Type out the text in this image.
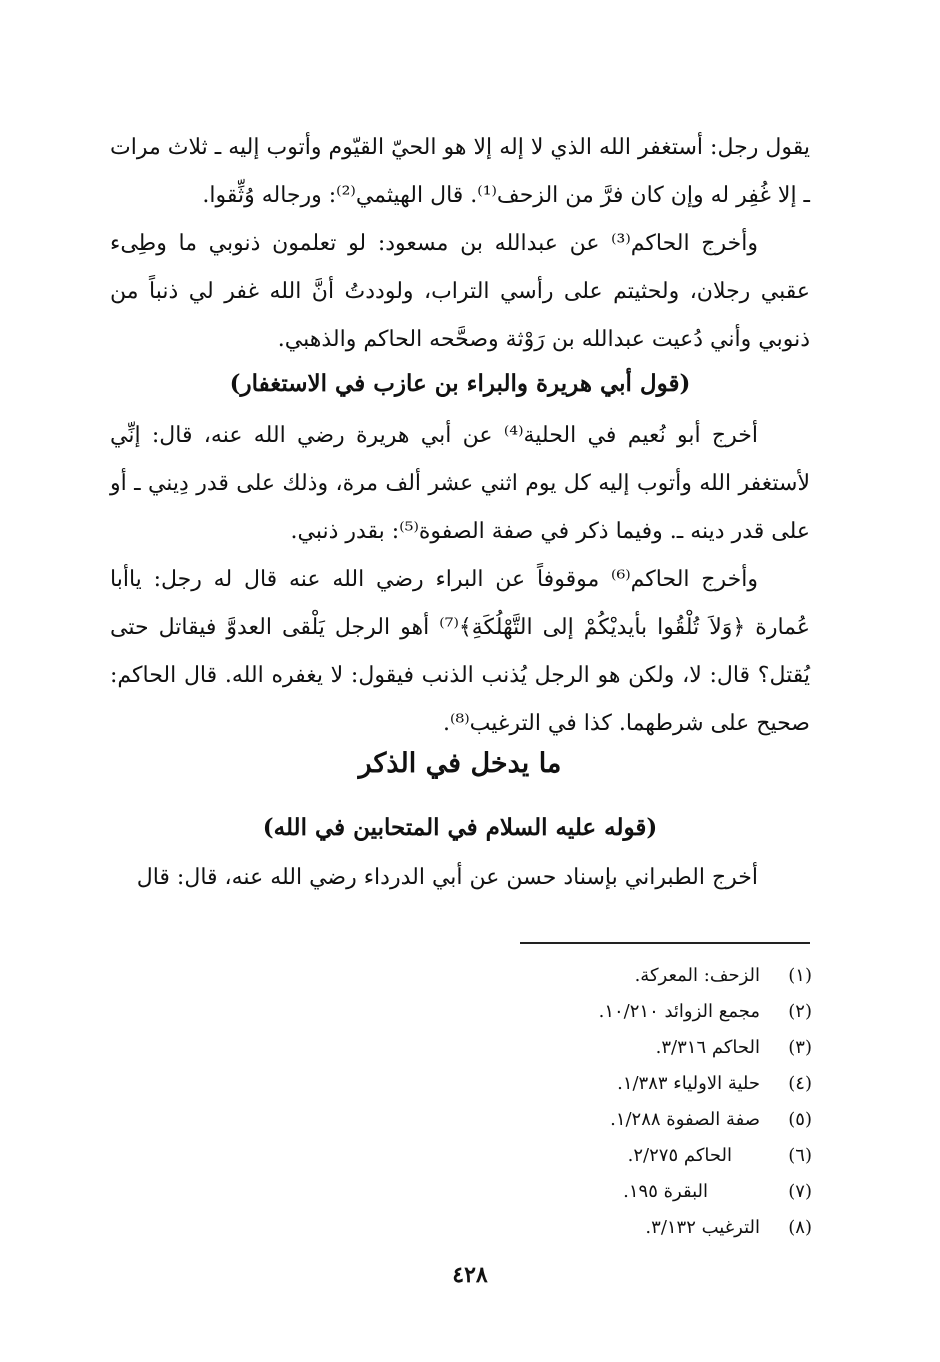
يقول رجل: أستغفر الله الذي لا إله إلا هو الحيّ القيّوم وأتوب إليه ـ ثلاث مرات ـ إلا غُفِر له وإن كان فرَّ من الزحف⁽¹⁾. قال الهيثمي⁽²⁾: ورجاله وُثِّقوا.

وأخرج الحاكم⁽³⁾ عن عبدالله بن مسعود: لو تعلمون ذنوبي ما وطِىء عقبي رجلان، ولحثيتم على رأسي التراب، ولوددتُ أنَّ الله غفر لي ذنباً من ذنوبي وأني دُعيت عبدالله بن رَوْثة وصحَّحه الحاكم والذهبي.

(قول أبي هريرة والبراء بن عازب في الاستغفار)

أخرج أبو نُعيم في الحلية⁽⁴⁾ عن أبي هريرة رضي الله عنه، قال: إنِّي لأستغفر الله وأتوب إليه كل يوم اثني عشر ألف مرة، وذلك على قدر دِيني ـ أو على قدر دينه ـ. وفيما ذكر في صفة الصفوة⁽⁵⁾: بقدر ذنبي.

وأخرج الحاكم⁽⁶⁾ موقوفاً عن البراء رضي الله عنه قال له رجل: ياأبا عُمارة ﴿وَلاَ تُلْقُوا بأيديْكُمْ إلى التَّهْلُكَةِ﴾⁽⁷⁾ أهو الرجل يَلْقى العدوَّ فيقاتل حتى يُقتل؟ قال: لا، ولكن هو الرجل يُذنب الذنب فيقول: لا يغفره الله. قال الحاكم: صحيح على شرطهما. كذا في الترغيب⁽⁸⁾.

ما يدخل في الذكر
(قوله عليه السلام في المتحابين في الله)

أخرج الطبراني بإسناد حسن عن أبي الدرداء رضي الله عنه، قال: قال

(١)
الزحف: المعركة.
(٢)
مجمع الزوائد ١٠/٢١٠.
(٣)
الحاكم ٣/٣١٦.
(٤)
حلية الاولياء ١/٣٨٣.
(٥)
صفة الصفوة ١/٢٨٨.
(٦)
الحاكم ٢/٢٧٥.
(٧)
البقرة ١٩٥.
(٨)
الترغيب ٣/١٣٢.
٤٢٨
